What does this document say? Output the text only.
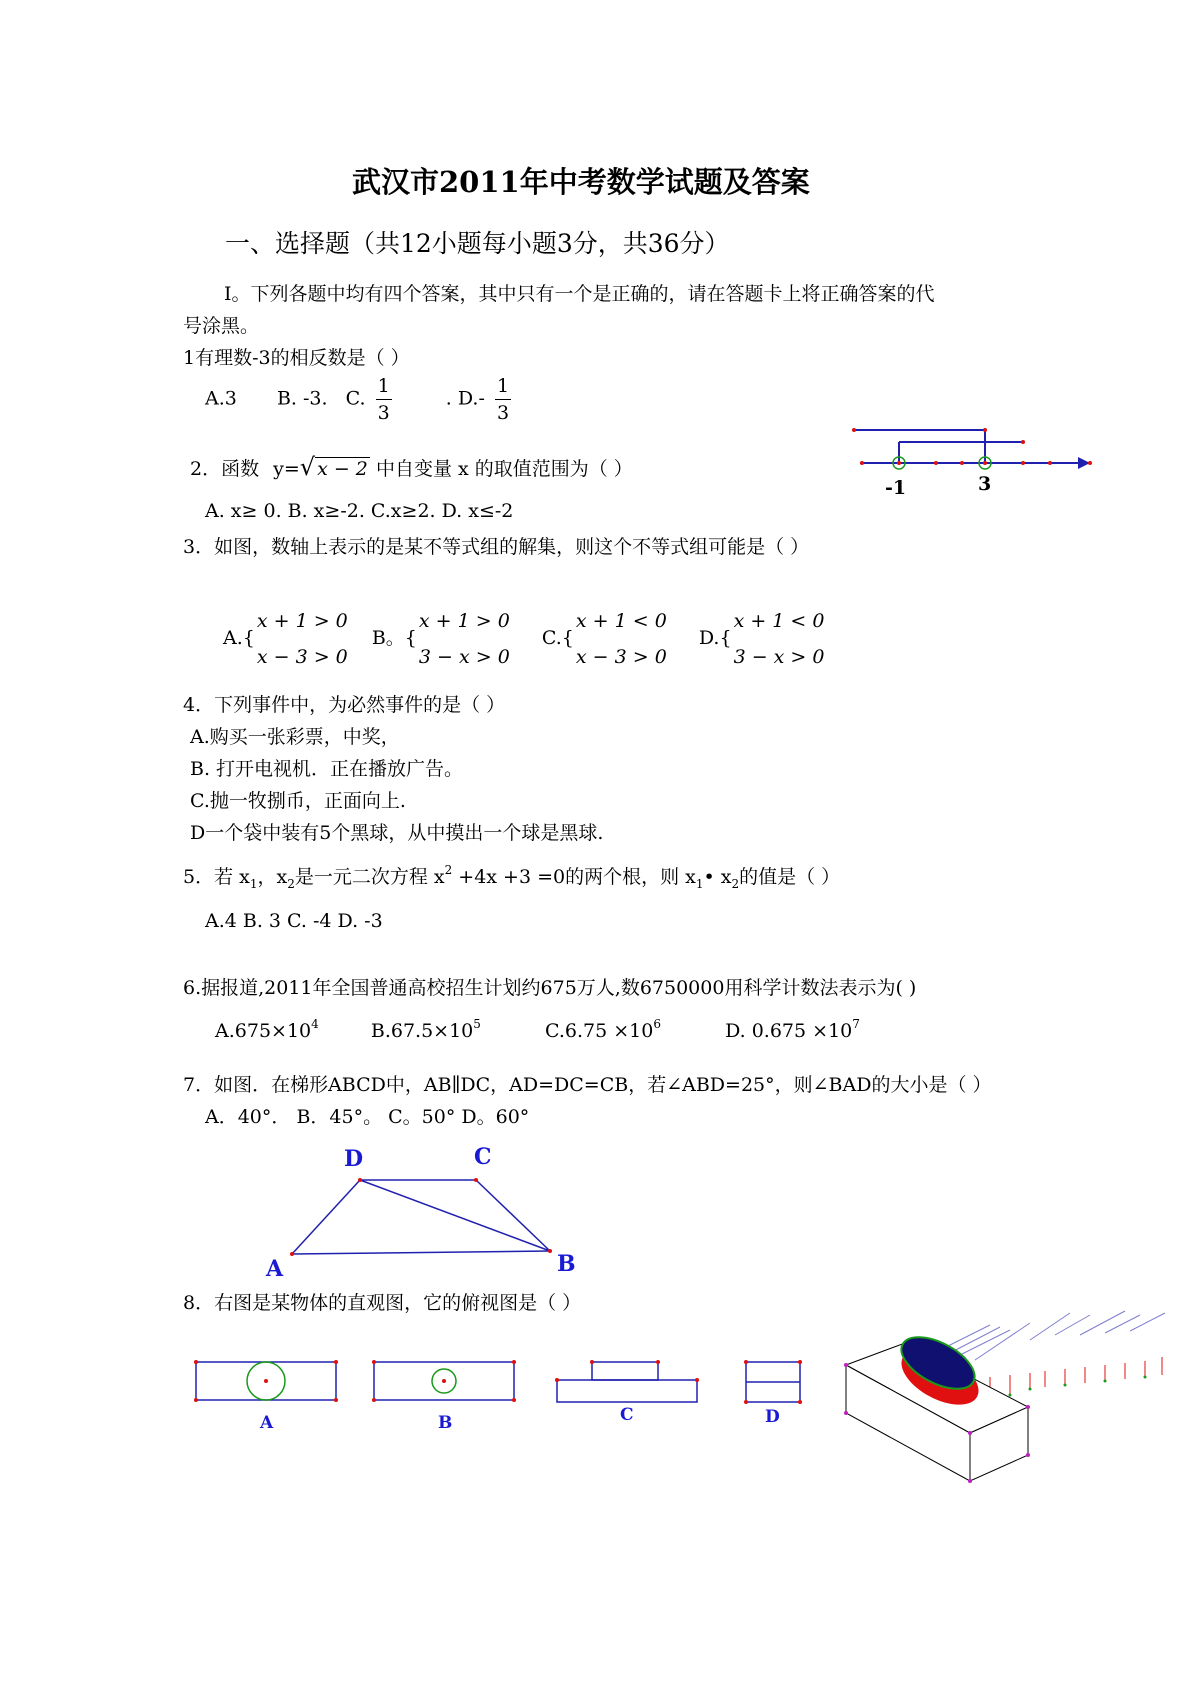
武汉市2011年中考数学试题及答案
一、选择题（共12小题每小题3分，共36分）
I。下列各题中均有四个答案，其中只有一个是正确的，请在答题卡上将正确答案的代
号涂黑。
1有理数-3的相反数是（ ）
A.3 B. -3. C. $\frac{1}{3}$	. $D.- \frac{1}{3}$
-1	3
2．函数 y=√ x − 2 中自变量 x 的取值范围为（ ）
A. x≥ 0. B. x≥-2. C.x≥2. D. x≤-2
3．如图，数轴上表示的是某不等式组的解集，则这个不等式组可能是（ ）
A.{
x + 1 > 0
x − 3 > 0
B。{
x + 1 > 0
3 − x > 0
C.{
x + 1 < 0
x − 3 > 0
D.{
x + 1 < 0
3 − x > 0
4．下列事件中，为必然事件的是（ ）
A.购买一张彩票，中奖，
B. 打开电视机．正在播放广告。
C.抛一牧捌币，正面向上.
D一个袋中装有5个黑球，从中摸出一个球是黑球.
5．若 $x_1$，$x_2$是一元二次方程 $x^2 +4x +3 =0$的两个根，则 $x_1•$ $x_2$的值是（ ）
A.4 B. 3 C. -4 D. -3
6.据报道,2011年全国普通高校招生计划约675万人,数6750000用科学计数法表示为( )
$A.675\times 10^4$	$B.67.5\times 10^5$	$C.6.75 \times 10^6$	D. $0.675 \times 10^7$
7．如图．在梯形ABCD中，AB∥DC，AD=DC=CB，若∠ABD=25°，则∠BAD的大小是（ ）
A．40°． B．45°。 C。50° D。60°
D	C
A	B
8．右图是某物体的直观图，它的俯视图是（ ）
A	B	C	D
